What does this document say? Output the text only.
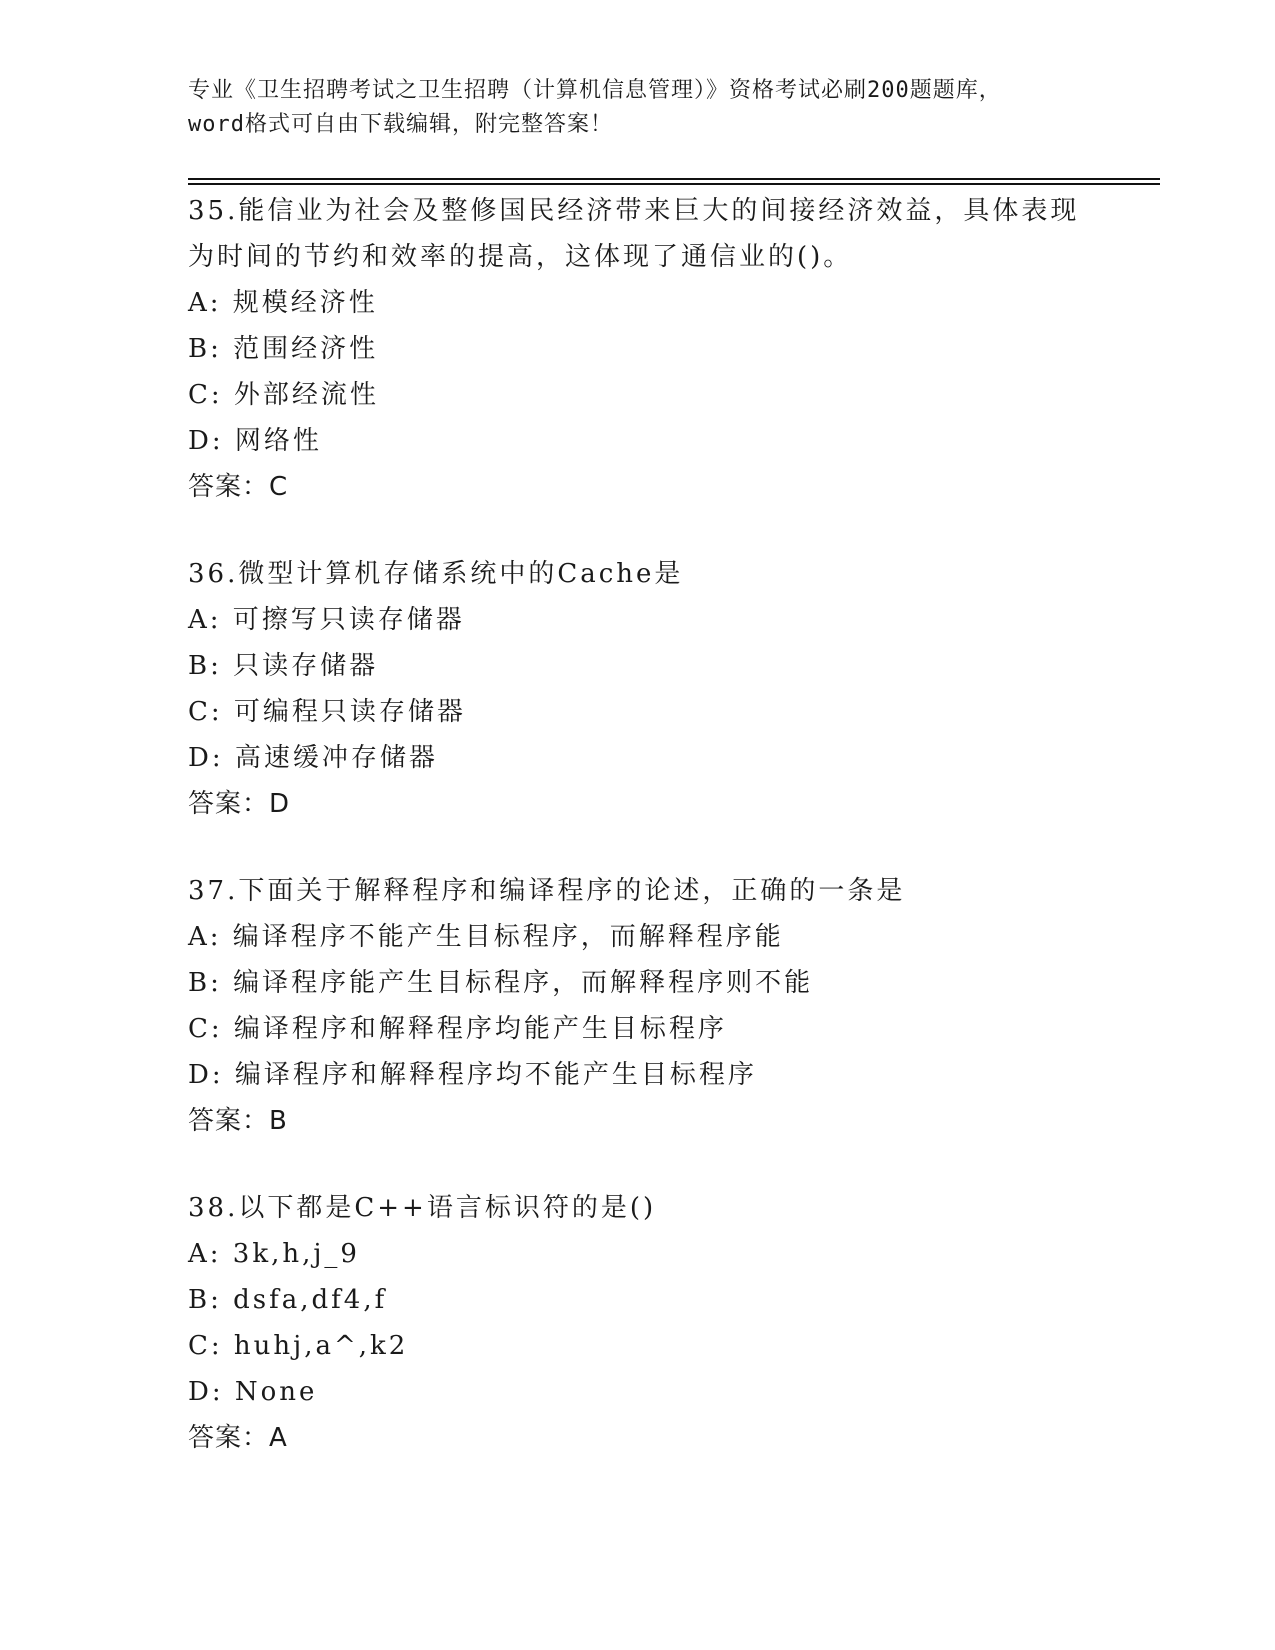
专业《卫生招聘考试之卫生招聘（计算机信息管理）》资格考试必刷200题题库，
word格式可自由下载编辑，附完整答案！
35.能信业为社会及整修国民经济带来巨大的间接经济效益，具体表现
为时间的节约和效率的提高，这体现了通信业的()。
A: 规模经济性
B: 范围经济性
C: 外部经流性
D: 网络性
答案：C
36.微型计算机存储系统中的Cache是
A: 可擦写只读存储器
B: 只读存储器
C: 可编程只读存储器
D: 高速缓冲存储器
答案：D
37.下面关于解释程序和编译程序的论述，正确的一条是
A: 编译程序不能产生目标程序，而解释程序能
B: 编译程序能产生目标程序，而解释程序则不能
C: 编译程序和解释程序均能产生目标程序
D: 编译程序和解释程序均不能产生目标程序
答案：B
38.以下都是C++语言标识符的是()
A: 3k,h,j_9
B: dsfa,df4,f
C: huhj,a^,k2
D: None
答案：A
